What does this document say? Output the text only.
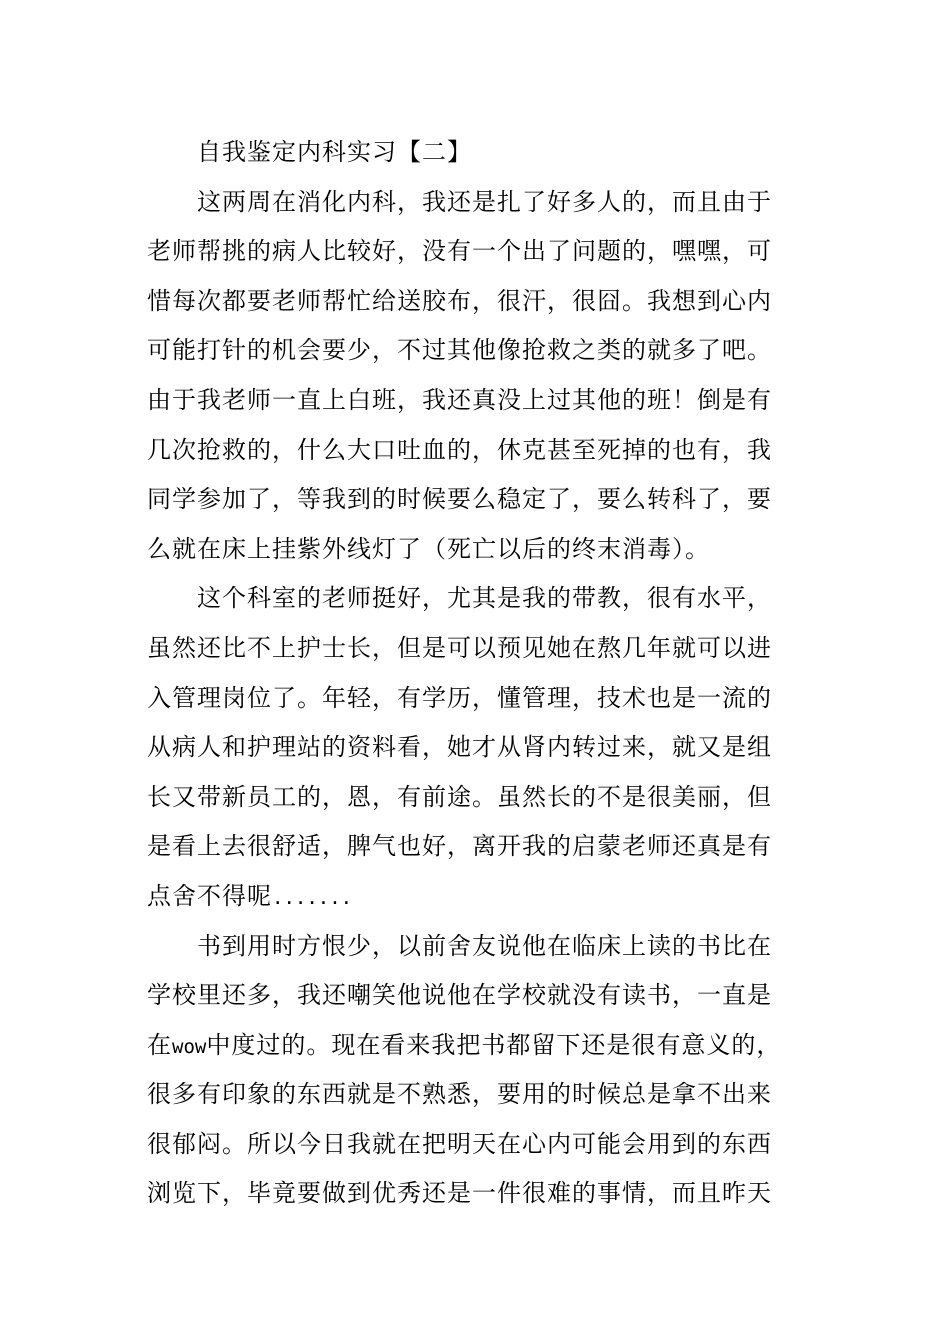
自我鉴定内科实习【二】
这两周在消化内科，我还是扎了好多人的，而且由于
老师帮挑的病人比较好，没有一个出了问题的，嘿嘿，可
惜每次都要老师帮忙给送胶布，很汗，很囧。我想到心内
可能打针的机会要少，不过其他像抢救之类的就多了吧。
由于我老师一直上白班，我还真没上过其他的班！倒是有
几次抢救的，什么大口吐血的，休克甚至死掉的也有，我
同学参加了，等我到的时候要么稳定了，要么转科了，要
么就在床上挂紫外线灯了（死亡以后的终末消毒）。
这个科室的老师挺好，尤其是我的带教，很有水平，
虽然还比不上护士长，但是可以预见她在熬几年就可以进
入管理岗位了。年轻，有学历，懂管理，技术也是一流的
从病人和护理站的资料看，她才从肾内转过来，就又是组
长又带新员工的，恩，有前途。虽然长的不是很美丽，但
是看上去很舒适，脾气也好，离开我的启蒙老师还真是有
点舍不得呢.......
书到用时方恨少，以前舍友说他在临床上读的书比在
学校里还多，我还嘲笑他说他在学校就没有读书，一直是
在wow中度过的。现在看来我把书都留下还是很有意义的，
很多有印象的东西就是不熟悉，要用的时候总是拿不出来
很郁闷。所以今日我就在把明天在心内可能会用到的东西
浏览下，毕竟要做到优秀还是一件很难的事情，而且昨天
